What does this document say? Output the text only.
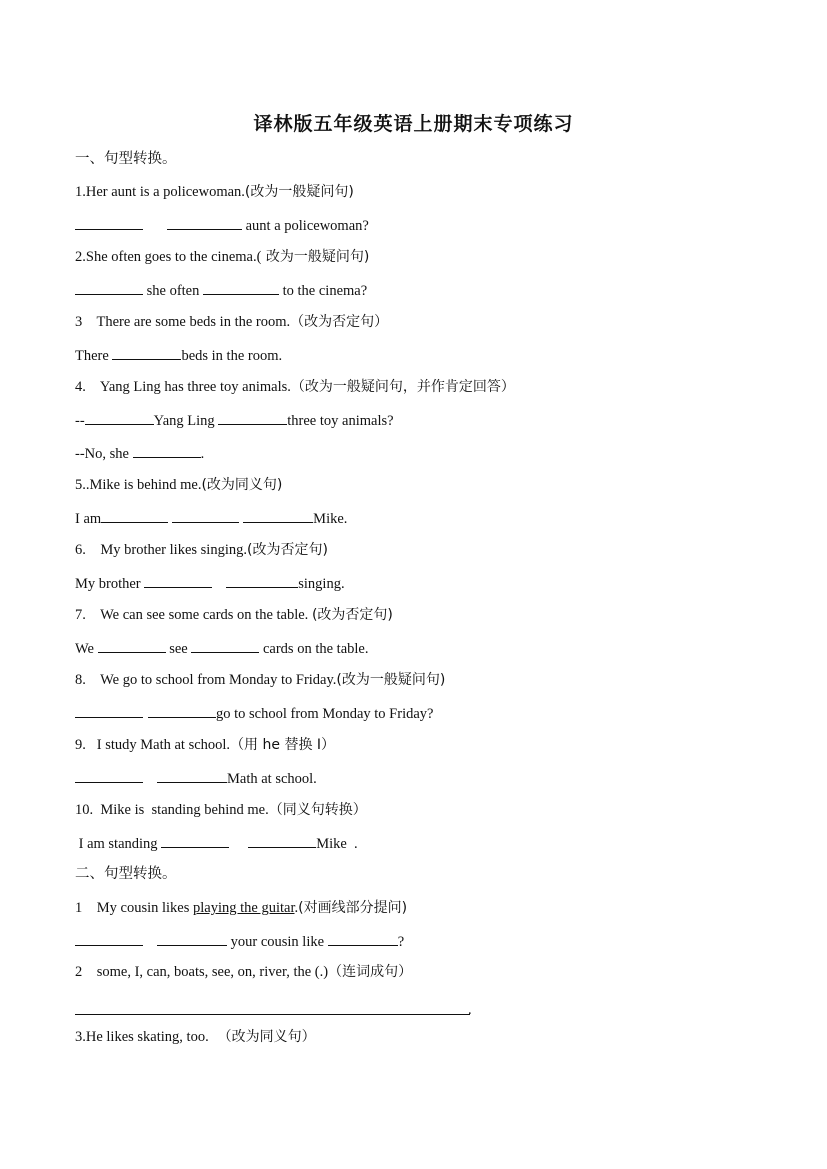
译林版五年级英语上册期末专项练习
一、句型转换。
1.Her aunt is a policewoman.(改为一般疑问句)
aunt a policewoman?
2.She often goes to the cinema.( 改为一般疑问句)
she often	to the cinema?
3    There are some beds in the room.（改为否定句）
There	beds in the room.
4.    Yang Ling has three toy animals.（改为一般疑问句，并作肯定回答）
--	Yang Ling	three toy animals?
--No, she	.
5..Mike is behind me.(改为同义句)
I am	Mike.
6.    My brother likes singing.(改为否定句)
My brother	singing.
7.    We can see some cards on the table. (改为否定句)
We	see	cards on the table.
8.    We go to school from Monday to Friday.(改为一般疑问句)
go to school from Monday to Friday?
9.   I study Math at school.（用 he 替换 I）
Math at school.
10.  Mike is  standing behind me.（同义句转换）
I am standing	Mike  .
二、句型转换。
1    My cousin likes playing the guitar.(对画线部分提问)
your cousin like	?
2    some, I, can, boats, see, on, river, the (.)（连词成句）
.
3.He likes skating, too.  （改为同义句）
